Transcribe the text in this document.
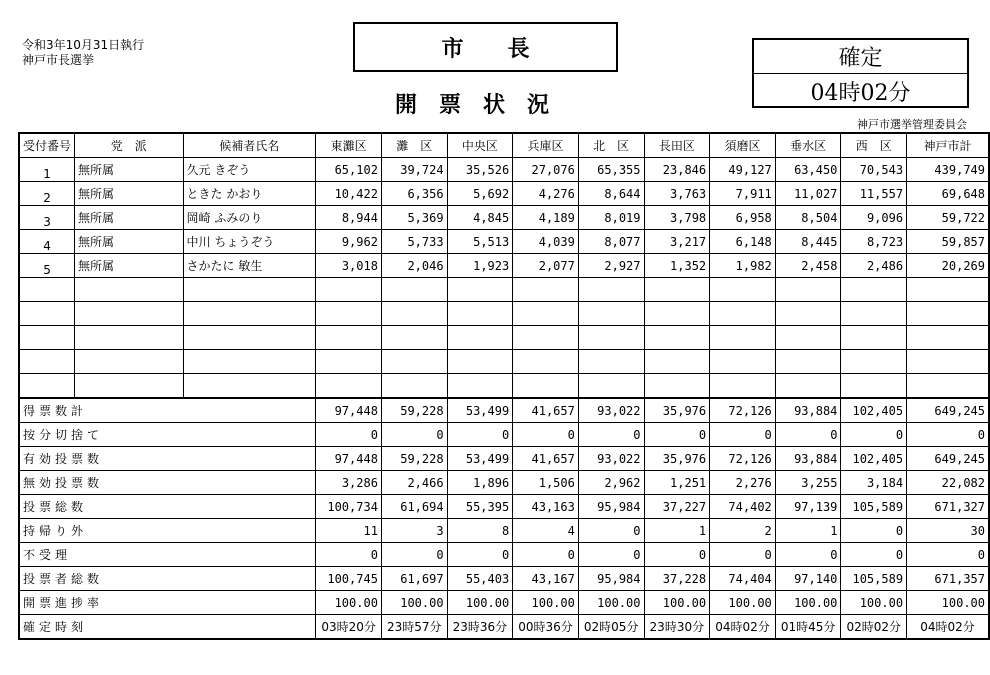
令和3年10月31日執行
神戸市長選挙	市　　長
開票状況
確定
04時02分
神戸市選挙管理委員会
受付番号	党　派	候補者氏名	東灘区	灘　区	中央区	兵庫区	北　区	長田区	須磨区	垂水区	西　区	神戸市計
1	無所属	久元 きぞう	65,102	39,724	35,526	27,076	65,355	23,846	49,127	63,450	70,543	439,749
2	無所属	ときた かおり	10,422	6,356	5,692	4,276	8,644	3,763	7,911	11,027	11,557	69,648
3	無所属	岡崎 ふみのり	8,944	5,369	4,845	4,189	8,019	3,798	6,958	8,504	9,096	59,722
4	無所属	中川 ちょうぞう	9,962	5,733	5,513	4,039	8,077	3,217	6,148	8,445	8,723	59,857
5	無所属	さかたに 敏生	3,018	2,046	1,923	2,077	2,927	1,352	1,982	2,458	2,486	20,269

得票数計			97,448	59,228	53,499	41,657	93,022	35,976	72,126	93,884	102,405	649,245
按分切捨て			0	0	0	0	0	0	0	0	0	0
有効投票数			97,448	59,228	53,499	41,657	93,022	35,976	72,126	93,884	102,405	649,245
無効投票数			3,286	2,466	1,896	1,506	2,962	1,251	2,276	3,255	3,184	22,082
投票総数			100,734	61,694	55,395	43,163	95,984	37,227	74,402	97,139	105,589	671,327
持帰り外			11	3	8	4	0	1	2	1	0	30
不受理			0	0	0	0	0	0	0	0	0	0
投票者総数			100,745	61,697	55,403	43,167	95,984	37,228	74,404	97,140	105,589	671,357
開票進捗率			100.00	100.00	100.00	100.00	100.00	100.00	100.00	100.00	100.00	100.00
確定時刻			03時20分	23時57分	23時36分	00時36分	02時05分	23時30分	04時02分	01時45分	02時02分	04時02分
